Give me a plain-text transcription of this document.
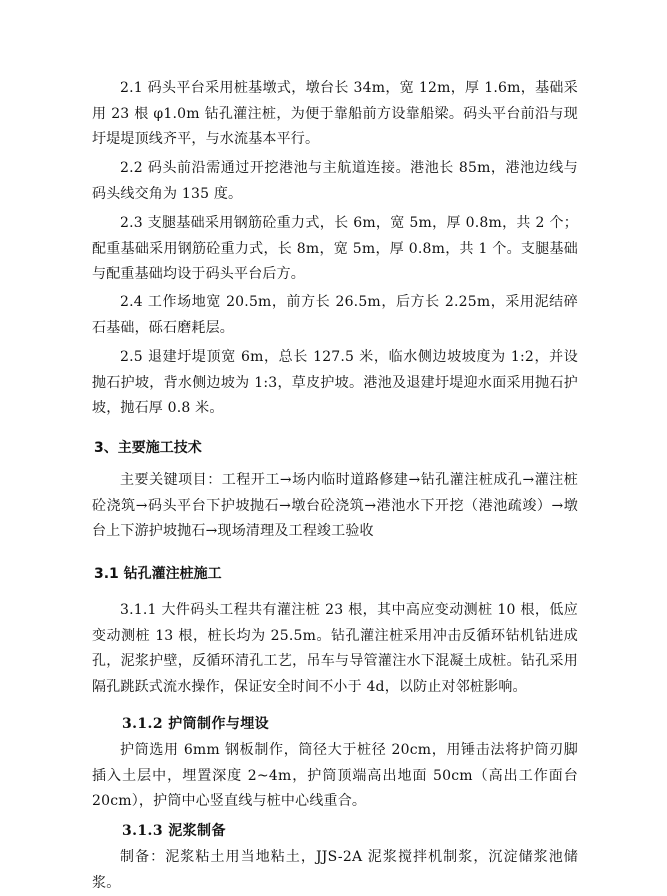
2.1 码头平台采用桩基墩式，墩台长 34m，宽 12m，厚 1.6m，基础采用 23 根 φ1.0m 钻孔灌注桩，为便于靠船前方设靠船梁。码头平台前沿与现圩堤堤顶线齐平，与水流基本平行。

2.2 码头前沿需通过开挖港池与主航道连接。港池长 85m，港池边线与码头线交角为 135 度。

2.3 支腿基础采用钢筋砼重力式，长 6m，宽 5m，厚 0.8m，共 2 个；配重基础采用钢筋砼重力式，长 8m，宽 5m，厚 0.8m，共 1 个。支腿基础与配重基础均设于码头平台后方。

2.4 工作场地宽 20.5m，前方长 26.5m，后方长 2.25m，采用泥结碎石基础，砾石磨耗层。

2.5 退建圩堤顶宽 6m，总长 127.5 米，临水侧边坡坡度为 1:2，并设抛石护坡，背水侧边坡为 1:3，草皮护坡。港池及退建圩堤迎水面采用抛石护坡，抛石厚 0.8 米。

3、主要施工技术

主要关键项目：工程开工→场内临时道路修建→钻孔灌注桩成孔→灌注桩砼浇筑→码头平台下护坡抛石→墩台砼浇筑→港池水下开挖（港池疏竣）→墩台上下游护坡抛石→现场清理及工程竣工验收

3.1 钻孔灌注桩施工

3.1.1 大件码头工程共有灌注桩 23 根，其中高应变动测桩 10 根，低应变动测桩 13 根，桩长均为 25.5m。钻孔灌注桩采用冲击反循环钻机钻进成孔，泥浆护壁，反循环清孔工艺，吊车与导管灌注水下混凝土成桩。钻孔采用隔孔跳跃式流水操作，保证安全时间不小于 4d，以防止对邻桩影响。

3.1.2 护筒制作与埋设

护筒选用 6mm 钢板制作，筒径大于桩径 20cm，用锤击法将护筒刃脚插入土层中，埋置深度 2~4m，护筒顶端高出地面 50cm（高出工作面台 20cm），护筒中心竖直线与桩中心线重合。

3.1.3 泥浆制备

制备：泥浆粘土用当地粘土，JJS-2A 泥浆搅拌机制浆，沉淀储浆池储浆。
